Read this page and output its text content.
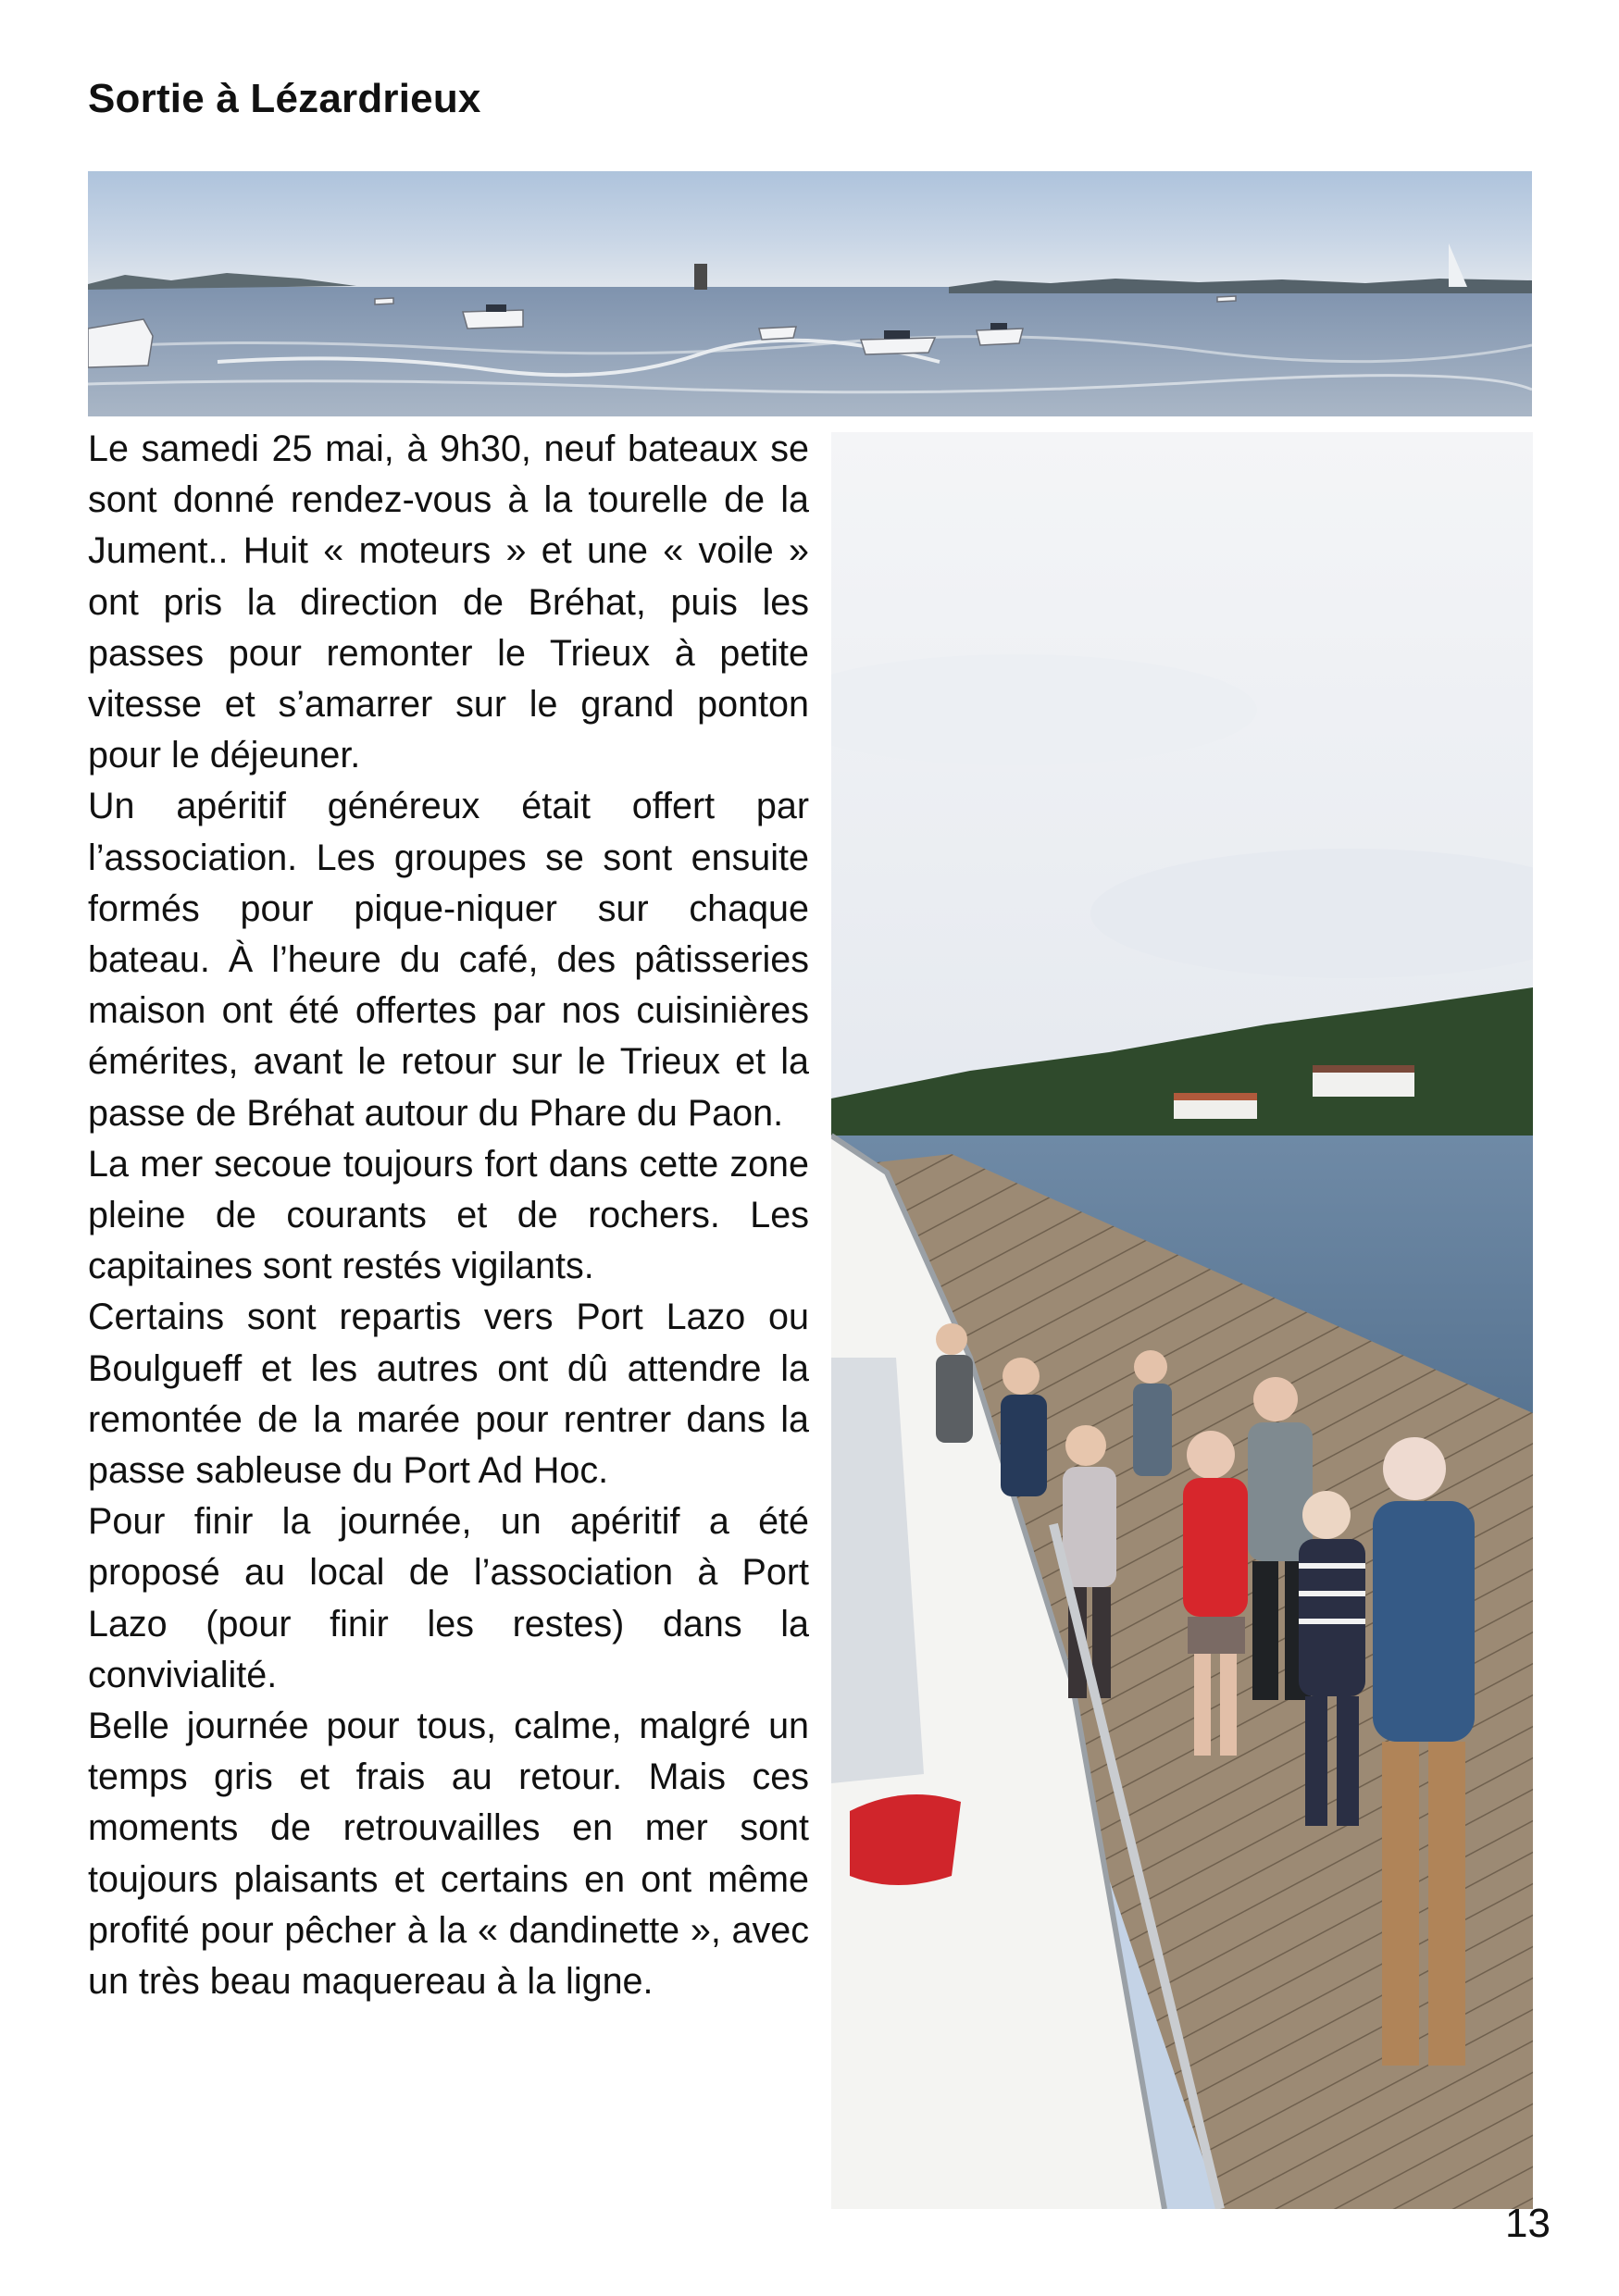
Sortie à Lézardrieux

Le samedi 25 mai, à 9h30, neuf bateaux se sont donné rendez-vous à la tourelle de la Jument.. Huit « moteurs » et une « voile » ont pris la direction de Bréhat, puis les passes pour remonter le Trieux à petite vitesse et s’amarrer sur le grand ponton pour le déjeuner.

Un apéritif généreux était offert par l’association. Les groupes se sont ensuite formés pour pique-niquer sur chaque bateau. À l’heure du café, des pâtisseries maison ont été offertes par nos cuisinières émérites, avant le retour sur le Trieux et la passe de Bréhat autour du Phare du Paon.

La mer secoue toujours fort dans cette zone pleine de courants et de rochers. Les capitaines sont restés vigilants.

Certains sont repartis vers Port Lazo ou Boulgueff et les autres ont dû attendre la remontée de la marée pour rentrer dans la passe sableuse du Port Ad Hoc.

Pour finir la journée, un apéritif a été proposé au local de l’association à Port Lazo (pour finir les restes) dans la convivialité.

Belle journée pour tous, calme, malgré un temps gris et frais au retour. Mais ces moments de retrouvailles en mer sont toujours plaisants et certains en ont même profité pour pêcher à la « dandinette », avec un très beau maquereau à la ligne.

13
